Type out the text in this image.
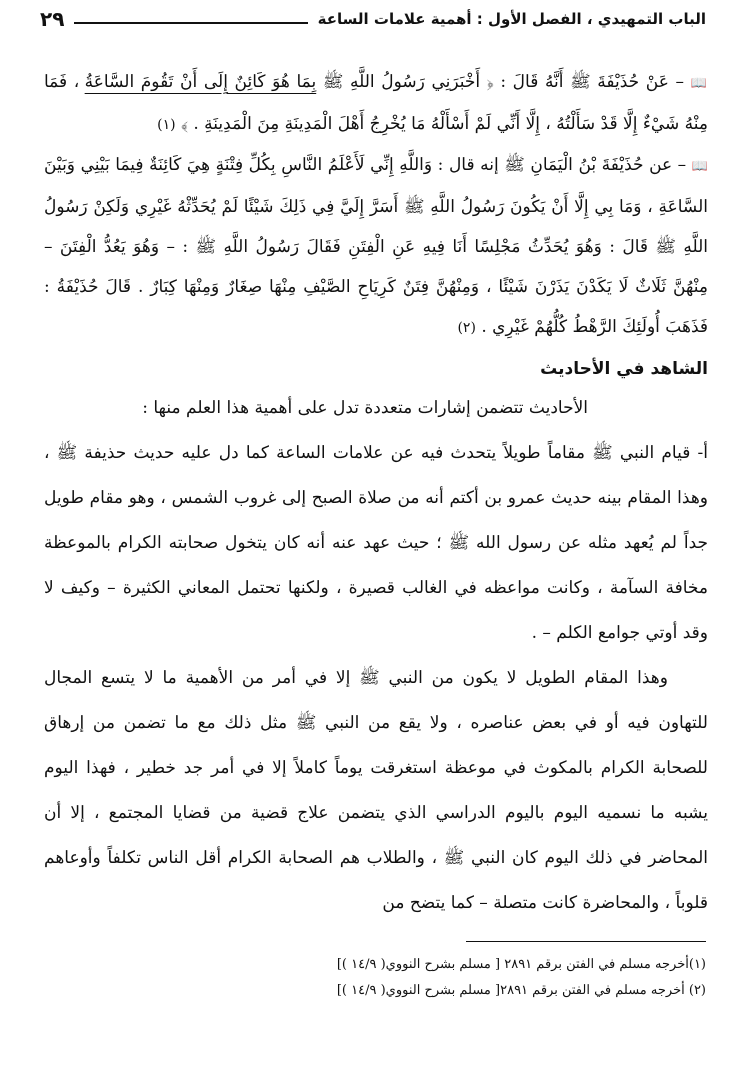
الباب التمهيدي ، الفصل الأول : أهمية علامات الساعة
٢٩

📖 – عَنْ حُذَيْفَةَ ﷺ أَنَّهُ قَالَ : ﴿ أَخْبَرَنِي رَسُولُ اللَّهِ ﷺ بِمَا هُوَ كَائِنٌ إِلَى أَنْ تَقُومَ السَّاعَةُ ، فَمَا مِنْهُ شَيْءٌ إِلَّا قَدْ سَأَلْتُهُ ، إِلَّا أَنِّي لَمْ أَسْأَلْهُ مَا يُخْرِجُ أَهْلَ الْمَدِينَةِ مِنَ الْمَدِينَةِ . ﴾ (١)

📖 – عن حُذَيْفَةَ بْنُ الْيَمَانِ ﷺ إنه قال : وَاللَّهِ إِنِّي لَأَعْلَمُ النَّاسِ بِكُلِّ فِتْنَةٍ هِيَ كَائِنَةٌ فِيمَا بَيْنِي وَبَيْنَ السَّاعَةِ ، وَمَا بِي إِلَّا أَنْ يَكُونَ رَسُولُ اللَّهِ ﷺ أَسَرَّ إِلَيَّ فِي ذَلِكَ شَيْئًا لَمْ يُحَدِّثْهُ غَيْرِي وَلَكِنْ رَسُولُ اللَّهِ ﷺ قَالَ : وَهُوَ يُحَدِّثُ مَجْلِسًا أَنَا فِيهِ عَنِ الْفِتَنِ فَقَالَ رَسُولُ اللَّهِ ﷺ : – وَهُوَ يَعُدُّ الْفِتَنَ – مِنْهُنَّ ثَلَاثٌ لَا يَكَدْنَ يَذَرْنَ شَيْئًا ، وَمِنْهُنَّ فِتَنٌ كَرِيَاحِ الصَّيْفِ مِنْهَا صِغَارٌ وَمِنْهَا كِبَارٌ . قَالَ حُذَيْفَةُ : فَذَهَبَ أُولَئِكَ الرَّهْطُ كُلُّهُمْ غَيْرِي . (٢)

الشاهد في الأحاديث

الأحاديث تتضمن إشارات متعددة تدل على أهمية هذا العلم منها :

أ- قيام النبي ﷺ مقاماً طويلاً يتحدث فيه عن علامات الساعة كما دل عليه حديث حذيفة ﷺ ، وهذا المقام بينه حديث عمرو بن أكتم أنه من صلاة الصبح إلى غروب الشمس ، وهو مقام طويل جداً لم يُعهد مثله عن رسول الله ﷺ ؛ حيث عهد عنه أنه كان يتخول صحابته الكرام بالموعظة مخافة السآمة ، وكانت مواعظه في الغالب قصيرة ، ولكنها تحتمل المعاني الكثيرة – وكيف لا وقد أوتي جوامع الكلم – .

وهذا المقام الطويل لا يكون من النبي ﷺ إلا في أمر من الأهمية ما لا يتسع المجال للتهاون فيه أو في بعض عناصره ، ولا يقع من النبي ﷺ مثل ذلك مع ما تضمن من إرهاق للصحابة الكرام بالمكوث في موعظة استغرقت يوماً كاملاً إلا في أمر جد خطير ، فهذا اليوم يشبه ما نسميه اليوم باليوم الدراسي الذي يتضمن علاج قضية من قضايا المجتمع ، إلا أن المحاضر في ذلك اليوم كان النبي ﷺ ، والطلاب هم الصحابة الكرام أقل الناس تكلفاً وأوعاهم قلوباً ، والمحاضرة كانت متصلة – كما يتضح من

(١)أخرجه مسلم في الفتن برقم ٢٨٩١ [ مسلم بشرح النووي( ١٤/٩ )]
(٢) أخرجه مسلم في الفتن برقم ٢٨٩١[ مسلم بشرح النووي( ١٤/٩ )]
